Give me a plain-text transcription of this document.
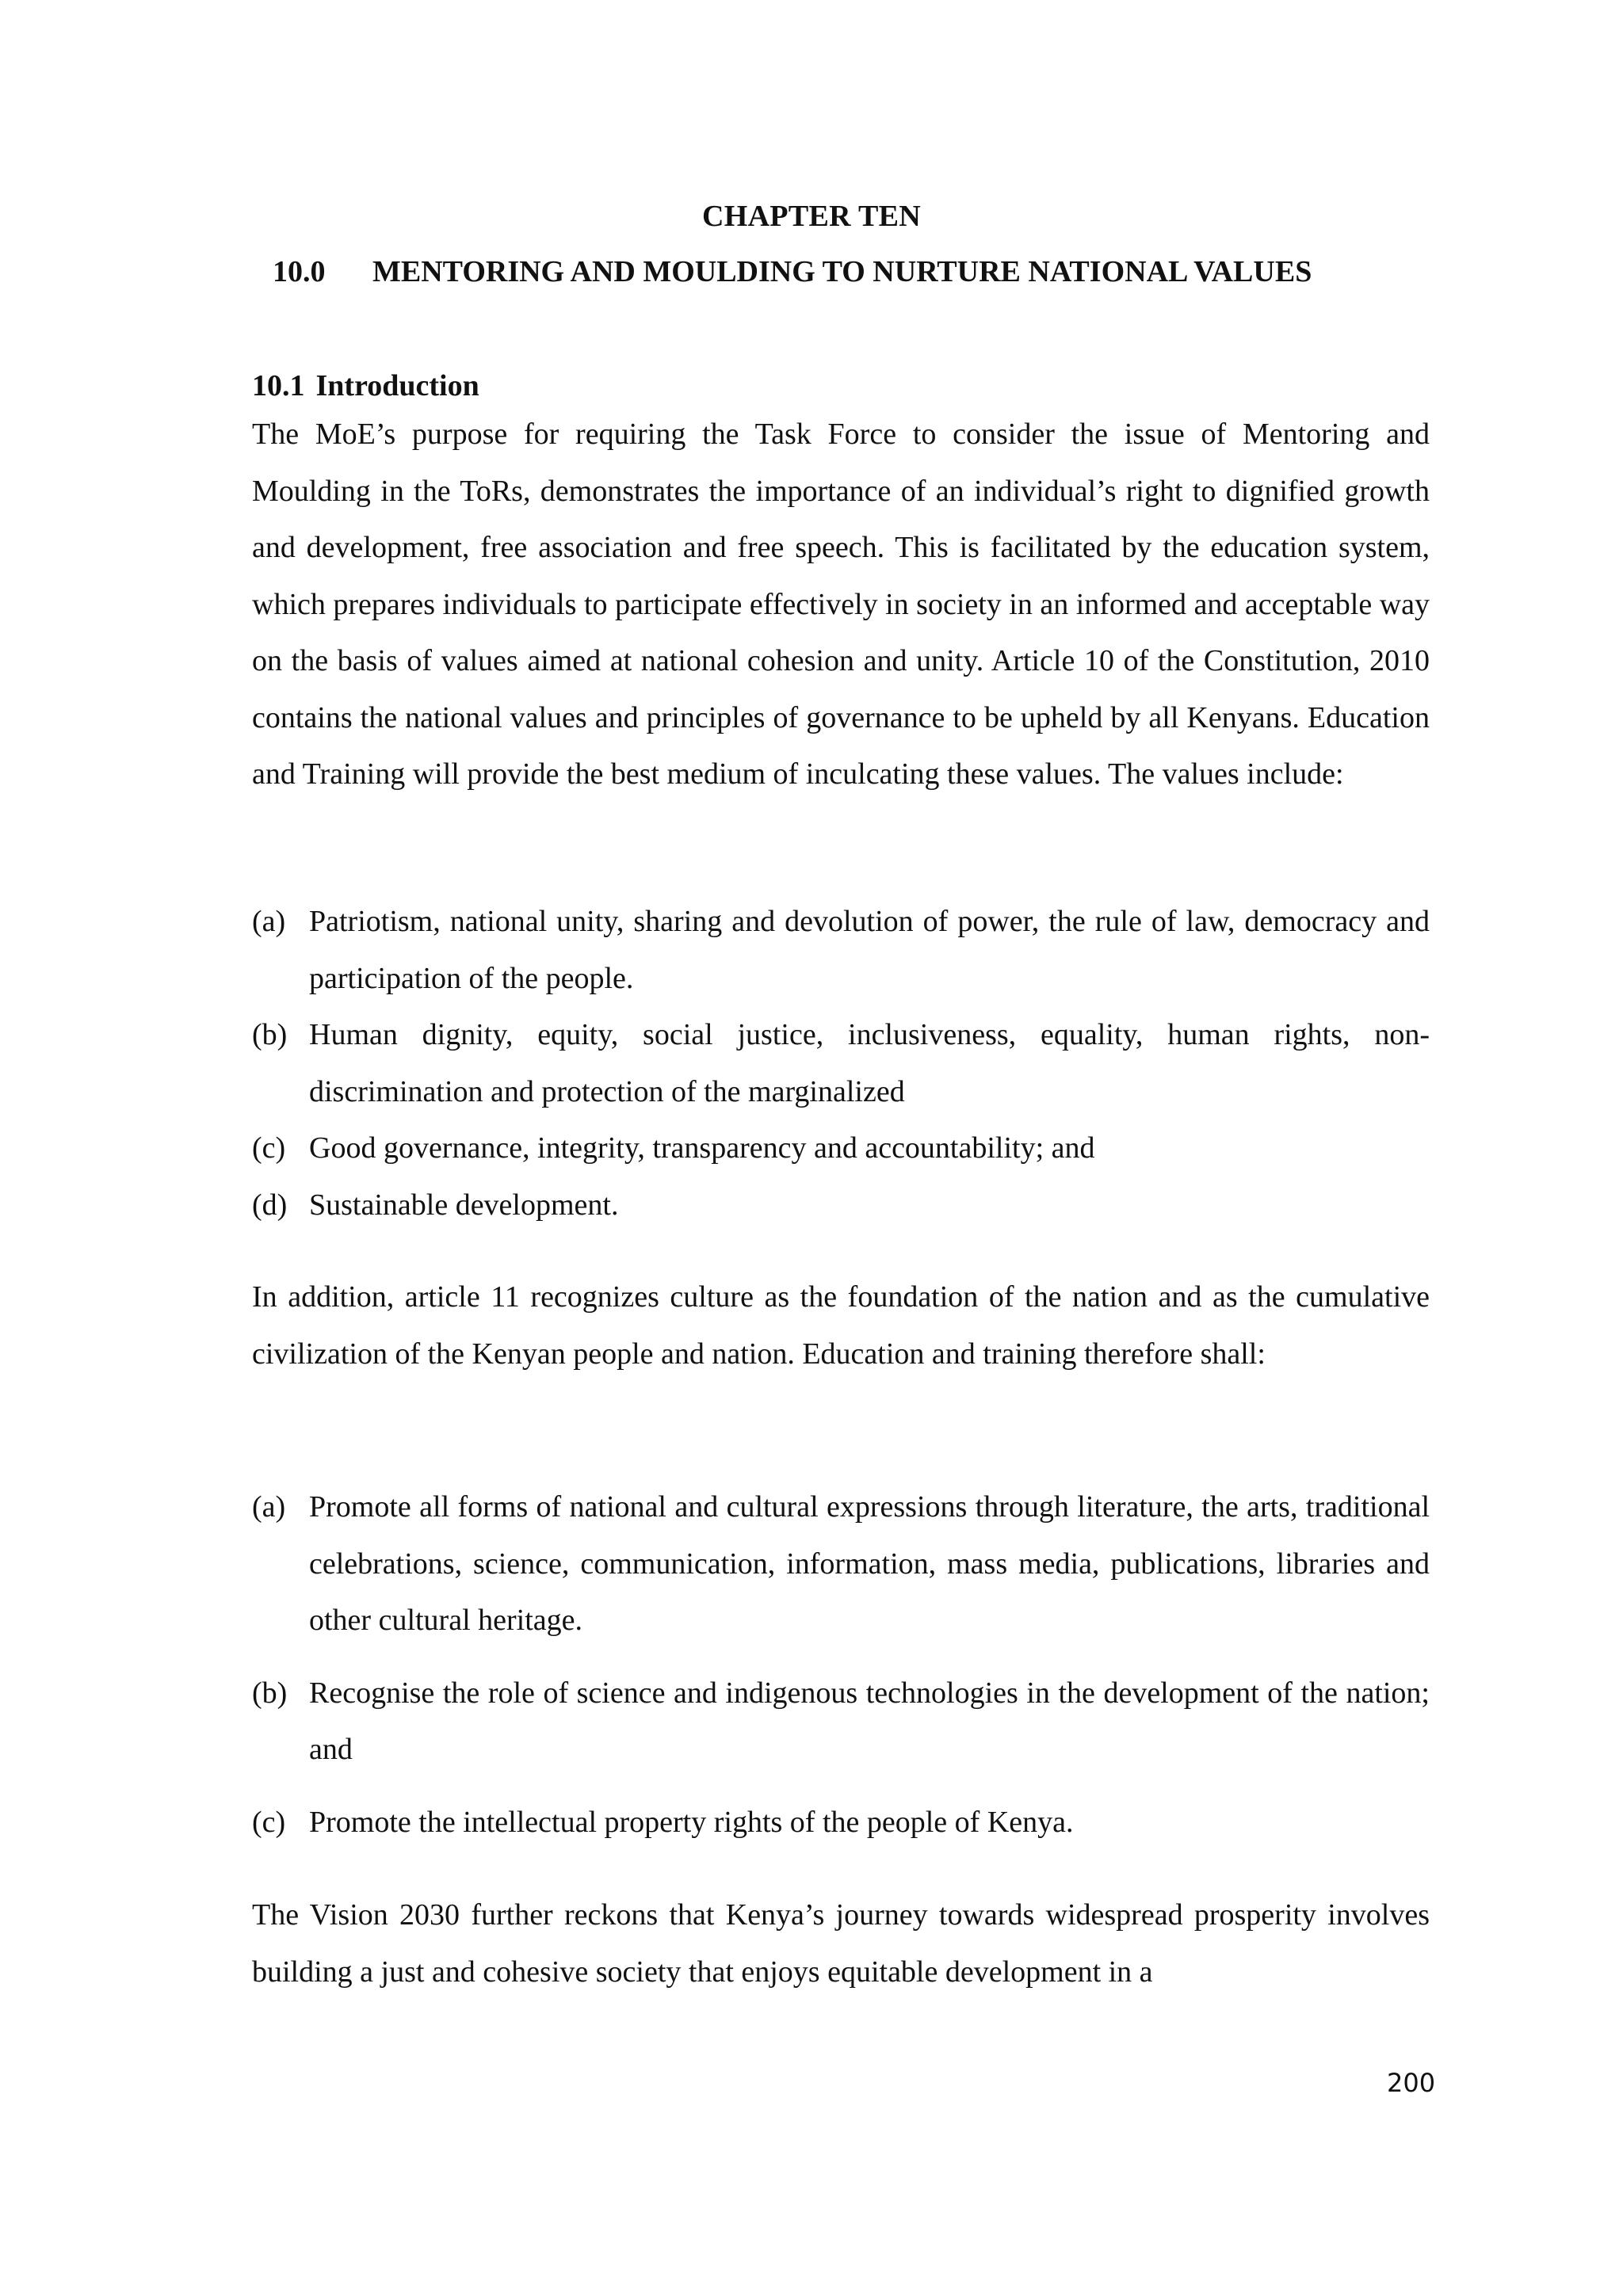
CHAPTER TEN
10.0 MENTORING AND MOULDING TO NURTURE NATIONAL VALUES
10.1 Introduction

The MoE’s purpose for requiring the Task Force to consider the issue of Mentoring and Moulding in the ToRs, demonstrates the importance of an individual’s right to dignified growth and development, free association and free speech. This is facilitated by the education system, which prepares individuals to participate effectively in society in an informed and acceptable way on the basis of values aimed at national cohesion and unity. Article 10 of the Constitution, 2010 contains the national values and principles of governance to be upheld by all Kenyans. Education and Training will provide the best medium of inculcating these values. The values include:

(a) Patriotism, national unity, sharing and devolution of power, the rule of law, democracy and participation of the people.
(b) Human dignity, equity, social justice, inclusiveness, equality, human rights, non-discrimination and protection of the marginalized
(c) Good governance, integrity, transparency and accountability; and
(d) Sustainable development.

In addition, article 11 recognizes culture as the foundation of the nation and as the cumulative civilization of the Kenyan people and nation. Education and training therefore shall:

(a) Promote all forms of national and cultural expressions through literature, the arts, traditional celebrations, science, communication, information, mass media, publications, libraries and other cultural heritage.
(b) Recognise the role of science and indigenous technologies in the development of the nation; and
(c) Promote the intellectual property rights of the people of Kenya.

The Vision 2030 further reckons that Kenya’s journey towards widespread prosperity involves building a just and cohesive society that enjoys equitable development in a

200
